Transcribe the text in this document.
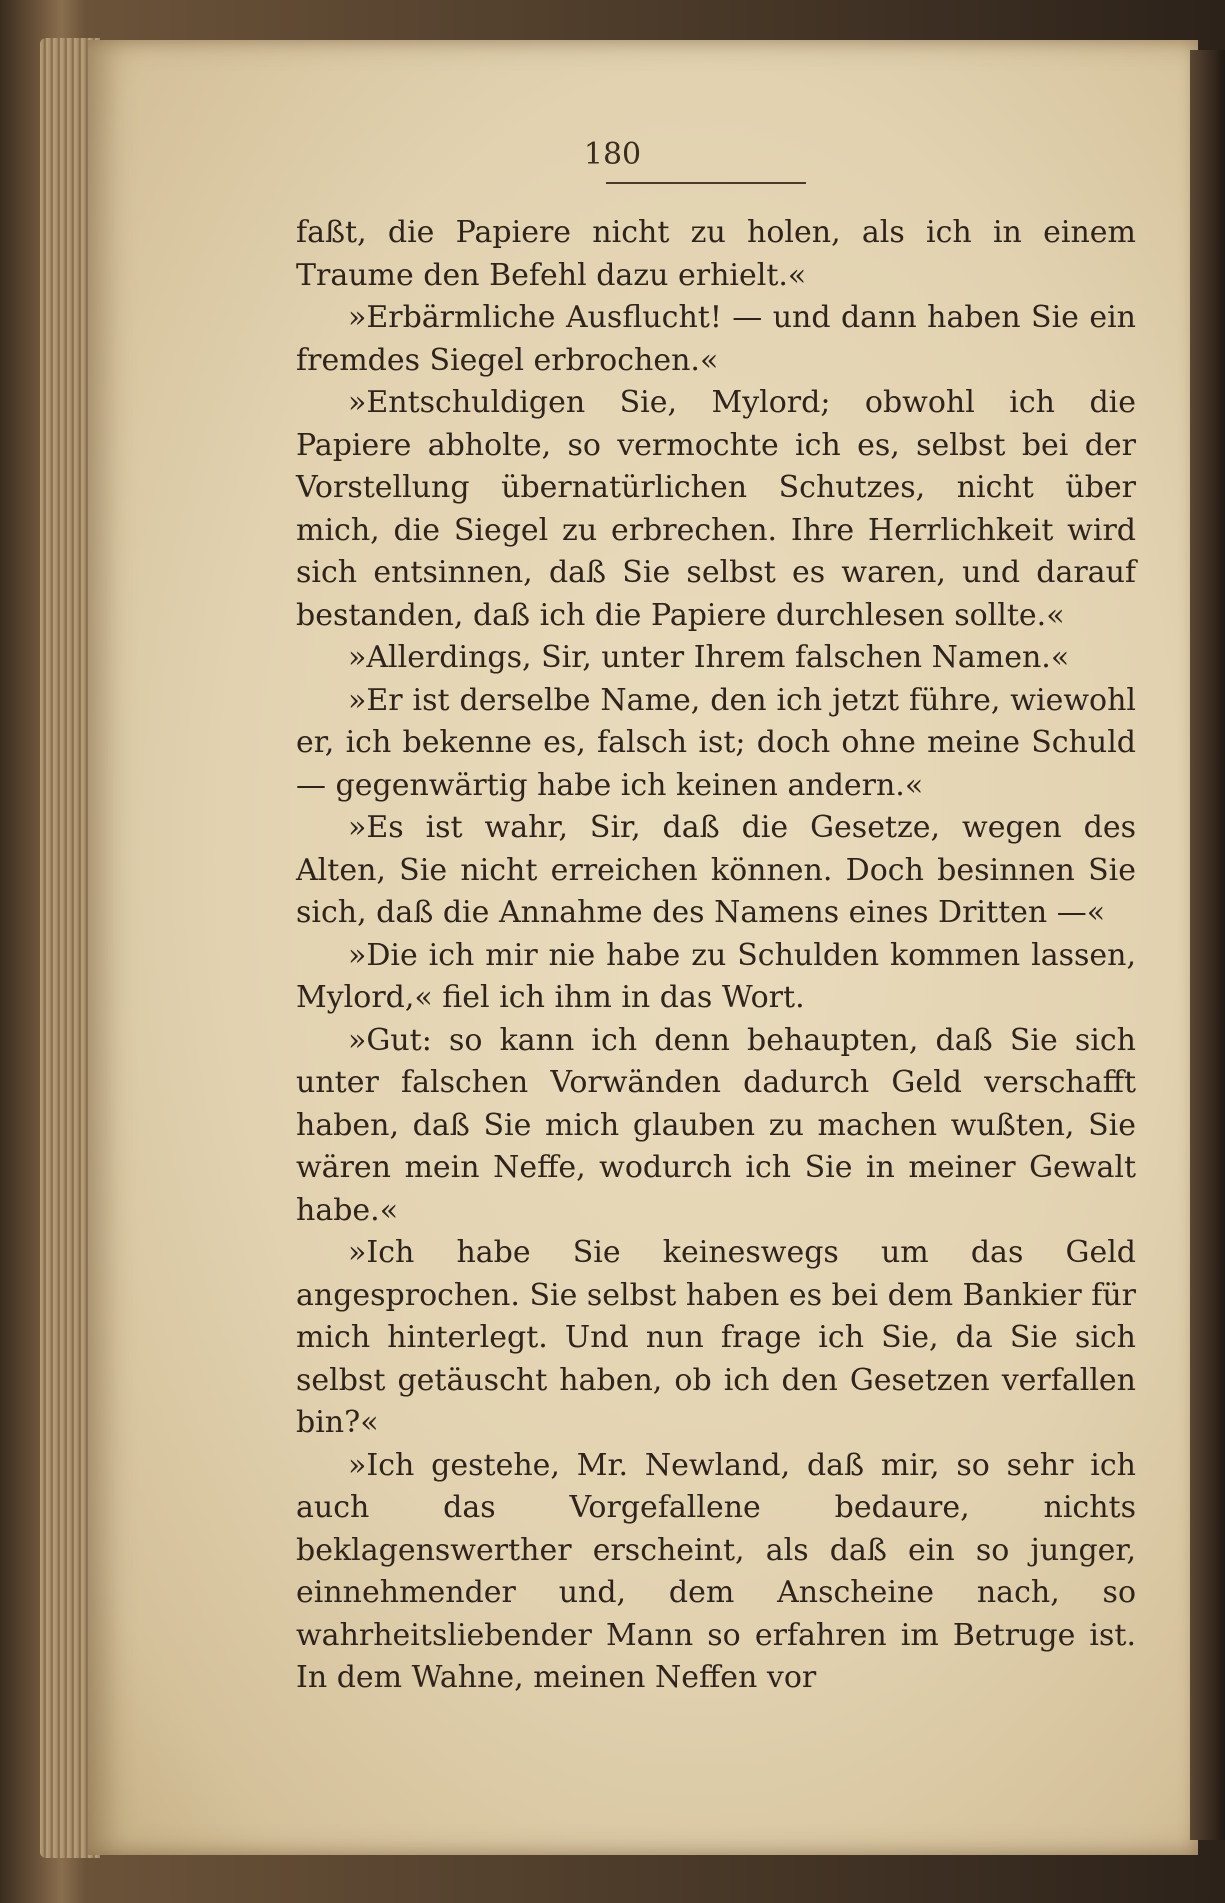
180

faßt, die Papiere nicht zu holen, als ich in einem Traume den Befehl dazu erhielt.«

»Erbärmliche Ausflucht! — und dann haben Sie ein fremdes Siegel erbrochen.«

»Entschuldigen Sie, Mylord; obwohl ich die Papiere abholte, so vermochte ich es, selbst bei der Vorstellung übernatürlichen Schutzes, nicht über mich, die Siegel zu erbrechen. Ihre Herrlichkeit wird sich entsinnen, daß Sie selbst es waren, und darauf bestanden, daß ich die Papiere durchlesen sollte.«

»Allerdings, Sir, unter Ihrem falschen Namen.«

»Er ist derselbe Name, den ich jetzt führe, wiewohl er, ich bekenne es, falsch ist; doch ohne meine Schuld — gegenwärtig habe ich keinen andern.«

»Es ist wahr, Sir, daß die Gesetze, wegen des Alten, Sie nicht erreichen können. Doch besinnen Sie sich, daß die Annahme des Namens eines Dritten —«

»Die ich mir nie habe zu Schulden kommen lassen, Mylord,« fiel ich ihm in das Wort.

»Gut: so kann ich denn behaupten, daß Sie sich unter falschen Vorwänden dadurch Geld verschafft haben, daß Sie mich glauben zu machen wußten, Sie wären mein Neffe, wodurch ich Sie in meiner Gewalt habe.«

»Ich habe Sie keineswegs um das Geld angesprochen. Sie selbst haben es bei dem Bankier für mich hinterlegt. Und nun frage ich Sie, da Sie sich selbst getäuscht haben, ob ich den Gesetzen verfallen bin?«

»Ich gestehe, Mr. Newland, daß mir, so sehr ich auch das Vorgefallene bedaure, nichts beklagenswerther erscheint, als daß ein so junger, einnehmender und, dem Anscheine nach, so wahrheitsliebender Mann so erfahren im Betruge ist. In dem Wahne, meinen Neffen vor
